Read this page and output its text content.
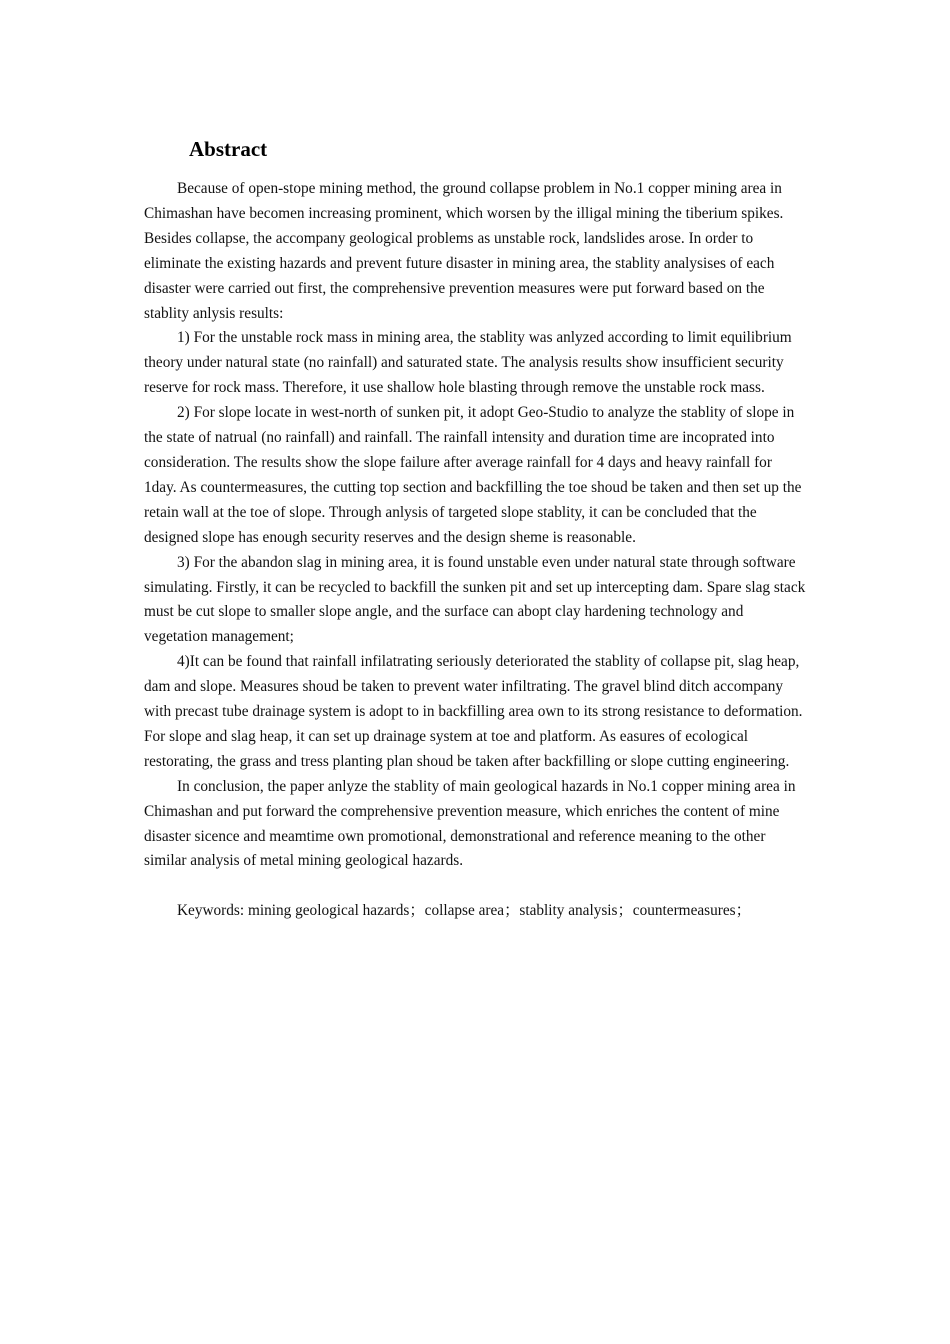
Abstract

Because of open-stope mining method, the ground collapse problem in No.1 copper mining area in Chimashan have becomen increasing prominent, which worsen by the illigal mining the tiberium spikes. Besides collapse, the accompany geological problems as unstable rock, landslides arose. In order to eliminate the existing hazards and prevent future disaster in mining area, the stablity analysises of each disaster were carried out first, the comprehensive prevention measures were put forward based on the stablity anlysis results:

1) For the unstable rock mass in mining area, the stablity was anlyzed according to limit equilibrium theory under natural state (no rainfall) and saturated state. The analysis results show insufficient security reserve for rock mass. Therefore, it use shallow hole blasting through remove the unstable rock mass.

2) For slope locate in west-north of sunken pit, it adopt Geo-Studio to analyze the stablity of slope in the state of natrual (no rainfall) and rainfall. The rainfall intensity and duration time are incoprated into consideration. The results show the slope failure after average rainfall for 4 days and heavy rainfall for 1day. As countermeasures, the cutting top section and backfilling the toe shoud be taken and then set up the retain wall at the toe of slope. Through anlysis of targeted slope stablity, it can be concluded that the designed slope has enough security reserves and the design sheme is reasonable.

3) For the abandon slag in mining area, it is found unstable even under natural state through software simulating. Firstly, it can be recycled to backfill the sunken pit and set up intercepting dam. Spare slag stack must be cut slope to smaller slope angle, and the surface can abopt clay hardening technology and vegetation management;

4)It can be found that rainfall infilatrating seriously deteriorated the stablity of collapse pit, slag heap, dam and slope. Measures shoud be taken to prevent water infiltrating. The gravel blind ditch accompany with precast tube drainage system is adopt to in backfilling area own to its strong resistance to deformation. For slope and slag heap, it can set up drainage system at toe and platform. As easures of ecological restorating, the grass and tress planting plan shoud be taken after backfilling or slope cutting engineering.

In conclusion, the paper anlyze the stablity of main geological hazards in No.1 copper mining area in Chimashan and put forward the comprehensive prevention measure, which enriches the content of mine disaster sicence and meamtime own promotional, demonstrational and reference meaning to the other similar analysis of metal mining geological hazards.

Keywords: mining geological hazards；collapse area；stablity analysis；countermeasures；
